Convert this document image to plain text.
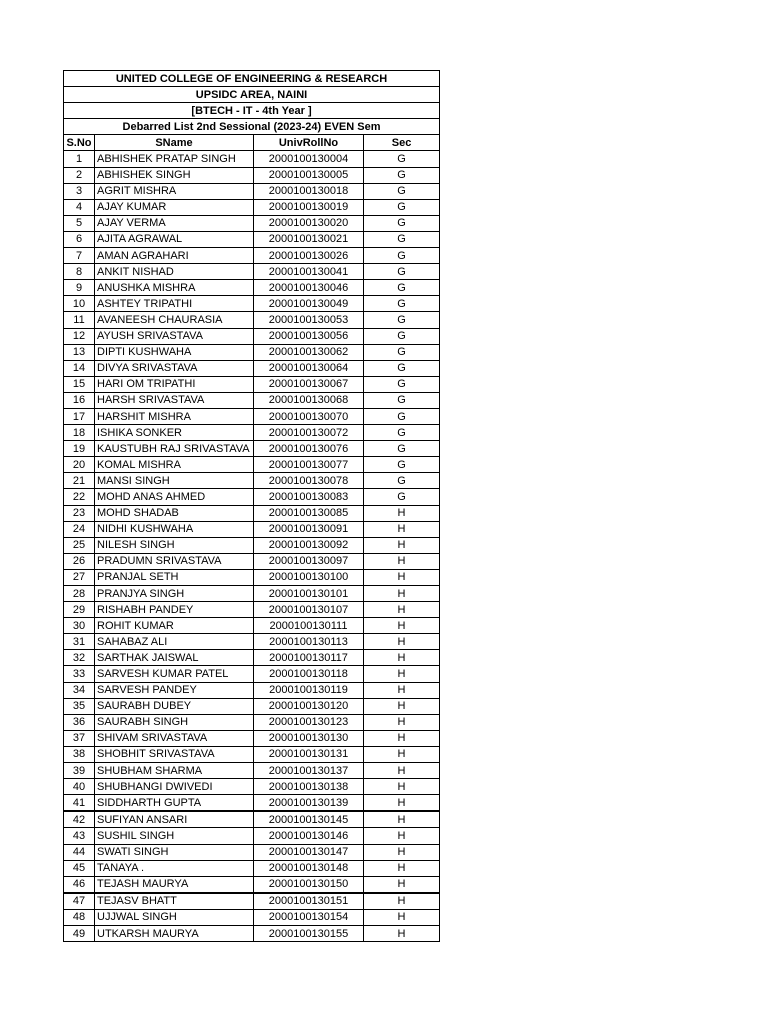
UNITED COLLEGE OF ENGINEERING & RESEARCH			
UPSIDC AREA, NAINI			
[BTECH - IT - 4th Year ]			
Debarred List 2nd Sessional (2023-24) EVEN Sem			
S.No	SName	UnivRollNo	Sec
1	ABHISHEK PRATAP SINGH	2000100130004	G
2	ABHISHEK SINGH	2000100130005	G
3	AGRIT MISHRA	2000100130018	G
4	AJAY KUMAR	2000100130019	G
5	AJAY VERMA	2000100130020	G
6	AJITA AGRAWAL	2000100130021	G
7	AMAN AGRAHARI	2000100130026	G
8	ANKIT NISHAD	2000100130041	G
9	ANUSHKA MISHRA	2000100130046	G
10	ASHTEY TRIPATHI	2000100130049	G
11	AVANEESH CHAURASIA	2000100130053	G
12	AYUSH SRIVASTAVA	2000100130056	G
13	DIPTI KUSHWAHA	2000100130062	G
14	DIVYA SRIVASTAVA	2000100130064	G
15	HARI OM TRIPATHI	2000100130067	G
16	HARSH SRIVASTAVA	2000100130068	G
17	HARSHIT MISHRA	2000100130070	G
18	ISHIKA SONKER	2000100130072	G
19	KAUSTUBH RAJ SRIVASTAVA	2000100130076	G
20	KOMAL MISHRA	2000100130077	G
21	MANSI SINGH	2000100130078	G
22	MOHD ANAS AHMED	2000100130083	G
23	MOHD SHADAB	2000100130085	H
24	NIDHI KUSHWAHA	2000100130091	H
25	NILESH SINGH	2000100130092	H
26	PRADUMN SRIVASTAVA	2000100130097	H
27	PRANJAL SETH	2000100130100	H
28	PRANJYA SINGH	2000100130101	H
29	RISHABH PANDEY	2000100130107	H
30	ROHIT KUMAR	2000100130111	H
31	SAHABAZ ALI	2000100130113	H
32	SARTHAK JAISWAL	2000100130117	H
33	SARVESH KUMAR PATEL	2000100130118	H
34	SARVESH PANDEY	2000100130119	H
35	SAURABH DUBEY	2000100130120	H
36	SAURABH SINGH	2000100130123	H
37	SHIVAM SRIVASTAVA	2000100130130	H
38	SHOBHIT SRIVASTAVA	2000100130131	H
39	SHUBHAM SHARMA	2000100130137	H
40	SHUBHANGI DWIVEDI	2000100130138	H
41	SIDDHARTH GUPTA	2000100130139	H
42	SUFIYAN ANSARI	2000100130145	H
43	SUSHIL SINGH	2000100130146	H
44	SWATI SINGH	2000100130147	H
45	TANAYA .	2000100130148	H
46	TEJASH MAURYA	2000100130150	H
47	TEJASV BHATT	2000100130151	H
48	UJJWAL SINGH	2000100130154	H
49	UTKARSH MAURYA	2000100130155	H
